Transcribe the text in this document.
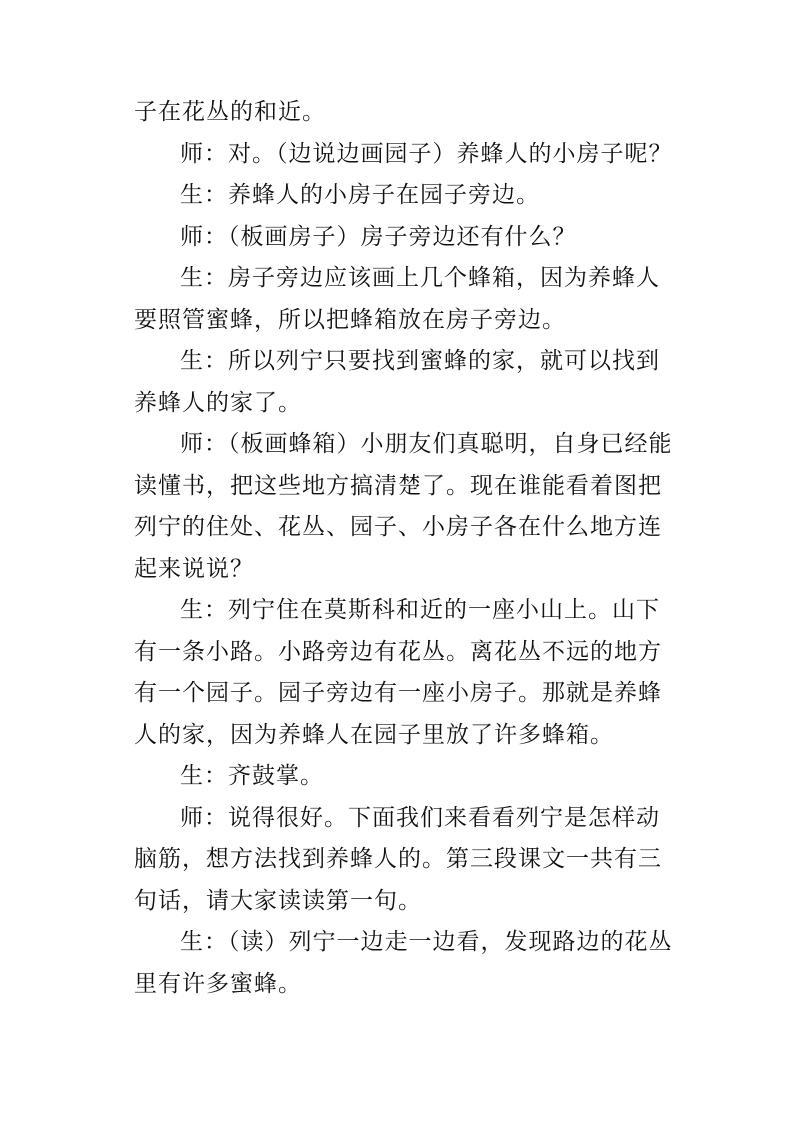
子在花丛的和近。

师：对。（边说边画园子）养蜂人的小房子呢？

生：养蜂人的小房子在园子旁边。

师：（板画房子）房子旁边还有什么？

生：房子旁边应该画上几个蜂箱，因为养蜂人要照管蜜蜂，所以把蜂箱放在房子旁边。

生：所以列宁只要找到蜜蜂的家，就可以找到养蜂人的家了。

师：（板画蜂箱）小朋友们真聪明，自身已经能读懂书，把这些地方搞清楚了。现在谁能看着图把列宁的住处、花丛、园子、小房子各在什么地方连起来说说？

生：列宁住在莫斯科和近的一座小山上。山下有一条小路。小路旁边有花丛。离花丛不远的地方有一个园子。园子旁边有一座小房子。那就是养蜂人的家，因为养蜂人在园子里放了许多蜂箱。

生：齐鼓掌。

师：说得很好。下面我们来看看列宁是怎样动脑筋，想方法找到养蜂人的。第三段课文一共有三句话，请大家读读第一句。

生：（读）列宁一边走一边看，发现路边的花丛里有许多蜜蜂。
